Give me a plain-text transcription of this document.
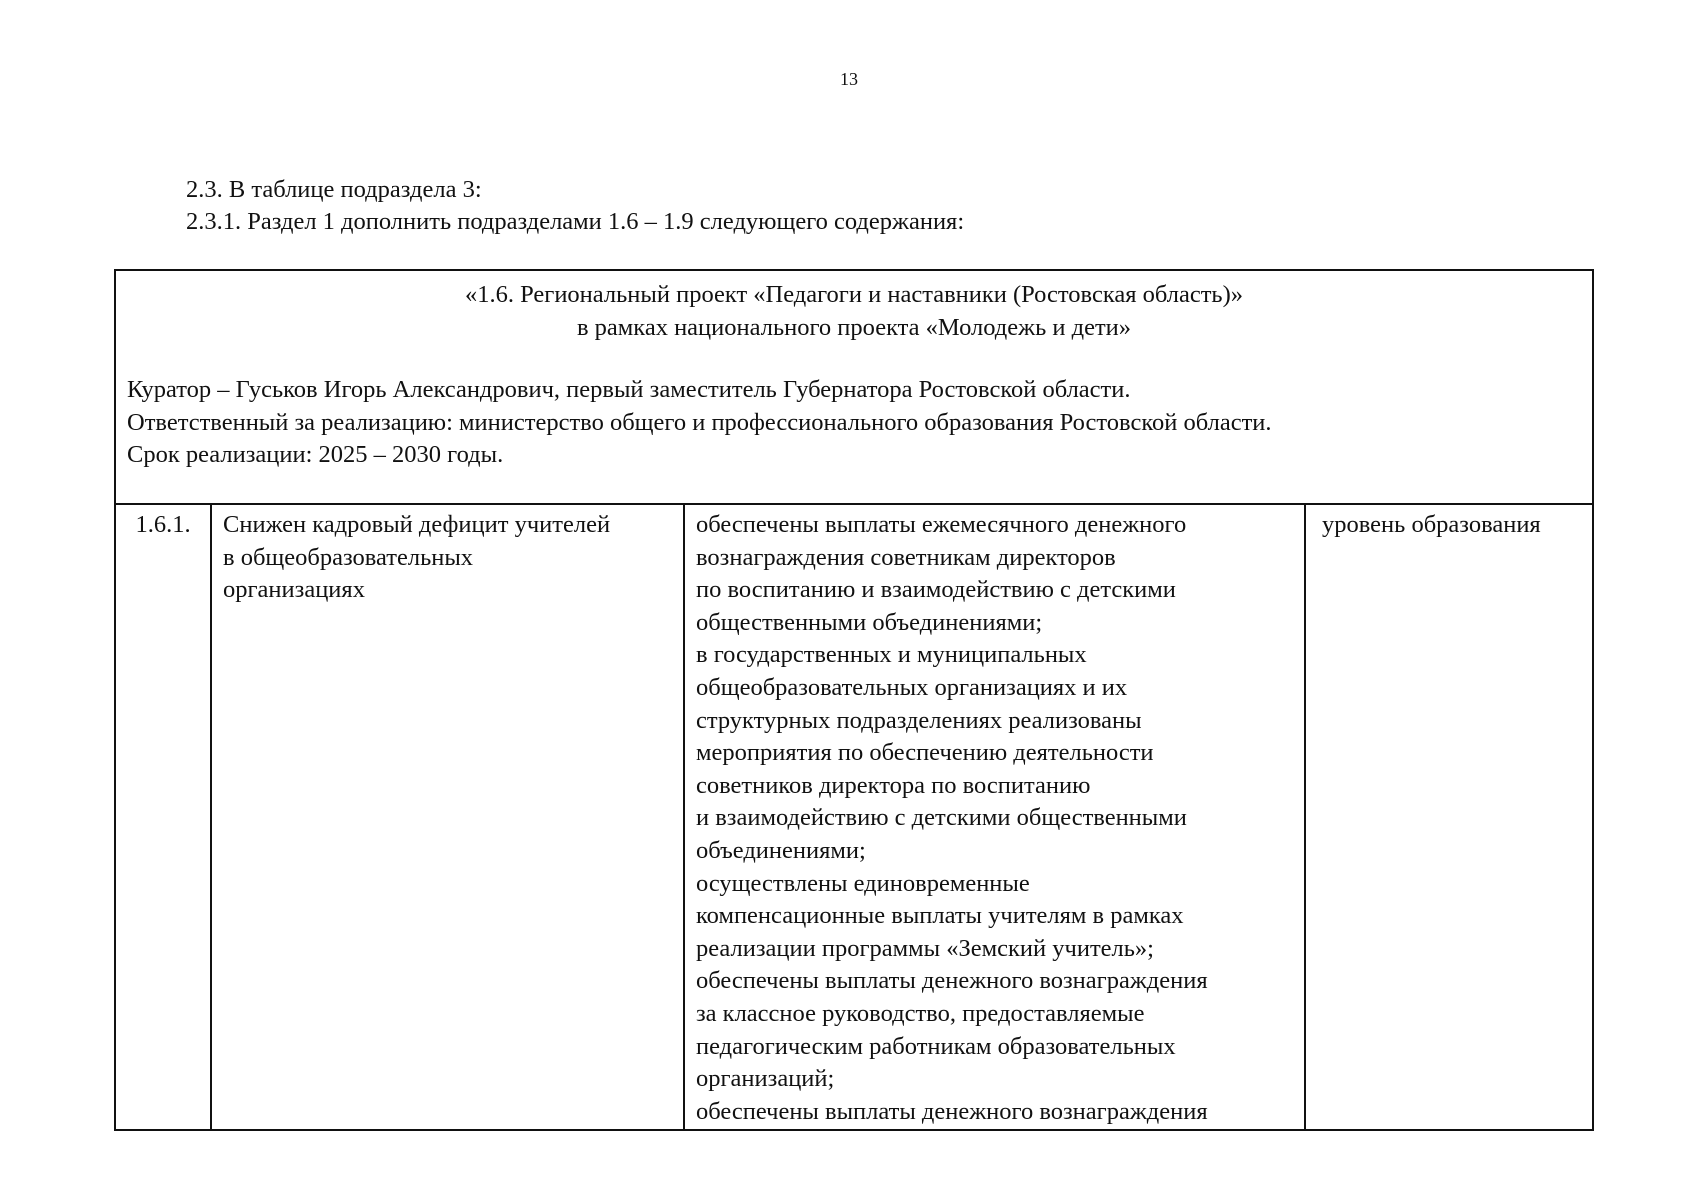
13
2.3. В таблице подраздела 3:
2.3.1. Раздел 1 дополнить подразделами 1.6 – 1.9 следующего содержания:
«1.6. Региональный проект «Педагоги и наставники (Ростовская область)»
в рамках национального проекта «Молодежь и дети»
Куратор – Гуськов Игорь Александрович, первый заместитель Губернатора Ростовской области.
Ответственный за реализацию: министерство общего и профессионального образования Ростовской области.
Срок реализации: 2025 – 2030 годы.
1.6.1.	Снижен кадровый дефицит учителей
в общеобразовательных
организациях
обеспечены выплаты ежемесячного денежного
вознаграждения советникам директоров
по воспитанию и взаимодействию с детскими
общественными объединениями;
в государственных и муниципальных
общеобразовательных организациях и их
структурных подразделениях реализованы
мероприятия по обеспечению деятельности
советников директора по воспитанию
и взаимодействию с детскими общественными
объединениями;
осуществлены единовременные
компенсационные выплаты учителям в рамках
реализации программы «Земский учитель»;
обеспечены выплаты денежного вознаграждения
за классное руководство, предоставляемые
педагогическим работникам образовательных
организаций;
обеспечены выплаты денежного вознаграждения
уровень образования
